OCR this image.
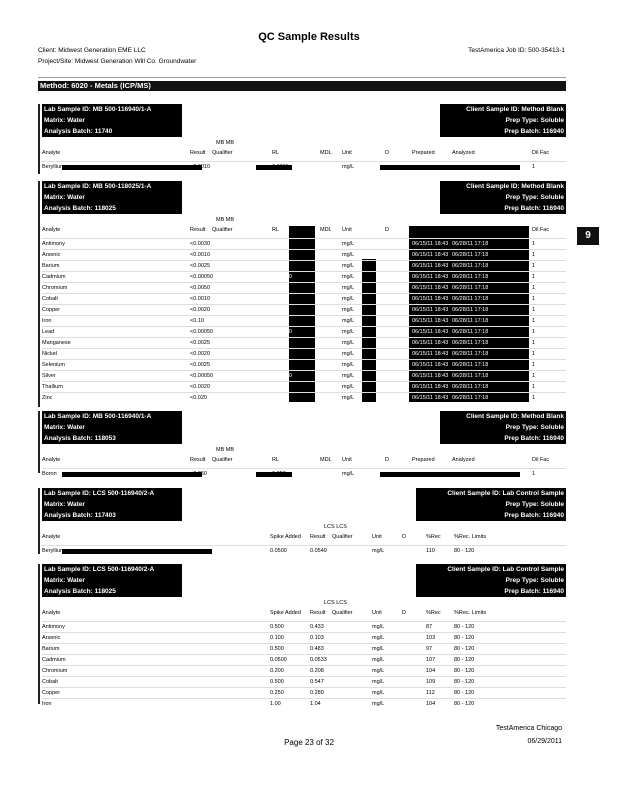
QC Sample Results
Client: Midwest Generation EME LLC
Project/Site: Midwest Generation Will Co. Groundwater
TestAmerica Job ID: 500-35413-1
Method: 6020 - Metals (ICP/MS)
9
Lab Sample ID: MB 500-116940/1-A
Matrix: Water
Analysis Batch: 11740
Client Sample ID: Method Blank
Prep Type: Soluble
Prep Batch: 116940
MB MB
Analyte	Result Qualifier	RL	MDL Unit	D	Prepared	Analyzed	Dil Fac
Beryllium	<0.0010	0.0010	mg/L	1
Lab Sample ID: MB 500-118025/1-A
Matrix: Water
Analysis Batch: 118025
Client Sample ID: Method Blank
Prep Type: Soluble
Prep Batch: 116940
MB MB
Analyte	Result Qualifier	RL	MDL Unit	D	Dil Fac
Antimony	<0.0030	0.0030	mg/L	06/15/11 18:43 06/28/11 17:18	1
Arsenic	<0.0010	0.0010	mg/L	06/15/11 18:43 06/28/11 17:18	1
Barium	<0.0025	0.0025	mg/L	06/15/11 18:43 06/28/11 17:18	1
Cadmium	<0.00050	0.00050	mg/L	06/15/11 18:43 06/28/11 17:18	1
Chromium	<0.0050	0.0050	mg/L	06/15/11 18:43 06/28/11 17:18	1
Cobalt	<0.0010	0.0010	mg/L	06/15/11 18:43 06/28/11 17:18	1
Copper	<0.0020	0.0020	mg/L	06/15/11 18:43 06/28/11 17:18	1
Iron	<0.10	0.10	mg/L	06/15/11 18:43 06/28/11 17:18	1
Lead	<0.00050	0.00050	mg/L	06/15/11 18:43 06/28/11 17:18	1
Manganese	<0.0025	0.0025	mg/L	06/15/11 18:43 06/28/11 17:18	1
Nickel	<0.0020	0.0020	mg/L	06/15/11 18:43 06/28/11 17:18	1
Selenium	<0.0025	0.0025	mg/L	06/15/11 18:43 06/28/11 17:18	1
Silver	<0.00050	0.00050	mg/L	06/15/11 18:43 06/28/11 17:18	1
Thallium	<0.0020	0.0020	mg/L	06/15/11 18:43 06/28/11 17:18	1
Zinc	<0.020	0.020	mg/L	06/15/11 18:43 06/28/11 17:18	1
Lab Sample ID: MB 500-116940/1-A
Matrix: Water
Analysis Batch: 118053
Client Sample ID: Method Blank
Prep Type: Soluble
Prep Batch: 116940
MB MB
Analyte	Result Qualifier	RL	MDL Unit	D	Prepared	Analyzed	Dil Fac
Boron	<0.050	0.050	mg/L	1
Lab Sample ID: LCS 500-116940/2-A
Matrix: Water
Analysis Batch: 117403
Client Sample ID: Lab Control Sample
Prep Type: Soluble
Prep Batch: 116940
LCS LCS
Analyte	Spike Added Result Qualifier	Unit	D	%Rec %Rec. Limits
Beryllium	0.0500	0.0549	mg/L	110	80 - 120
Lab Sample ID: LCS 500-116940/2-A
Matrix: Water
Analysis Batch: 118025
Client Sample ID: Lab Control Sample
Prep Type: Soluble
Prep Batch: 116940
LCS LCS
Analyte	Spike Added Result Qualifier	Unit	D	%Rec %Rec. Limits
Antimony	0.500	0.433	mg/L	87	80 - 120
Arsenic	0.100	0.103	mg/L	103	80 - 120
Barium	0.500	0.483	mg/L	97	80 - 120
Cadmium	0.0500	0.0533	mg/L	107	80 - 120
Chromium	0.200	0.208	mg/L	104	80 - 120
Cobalt	0.500	0.547	mg/L	109	80 - 120
Copper	0.250	0.280	mg/L	112	80 - 120
Iron	1.00	1.04	mg/L	104	80 - 120
Page 23 of 32
TestAmerica Chicago
06/29/2011
